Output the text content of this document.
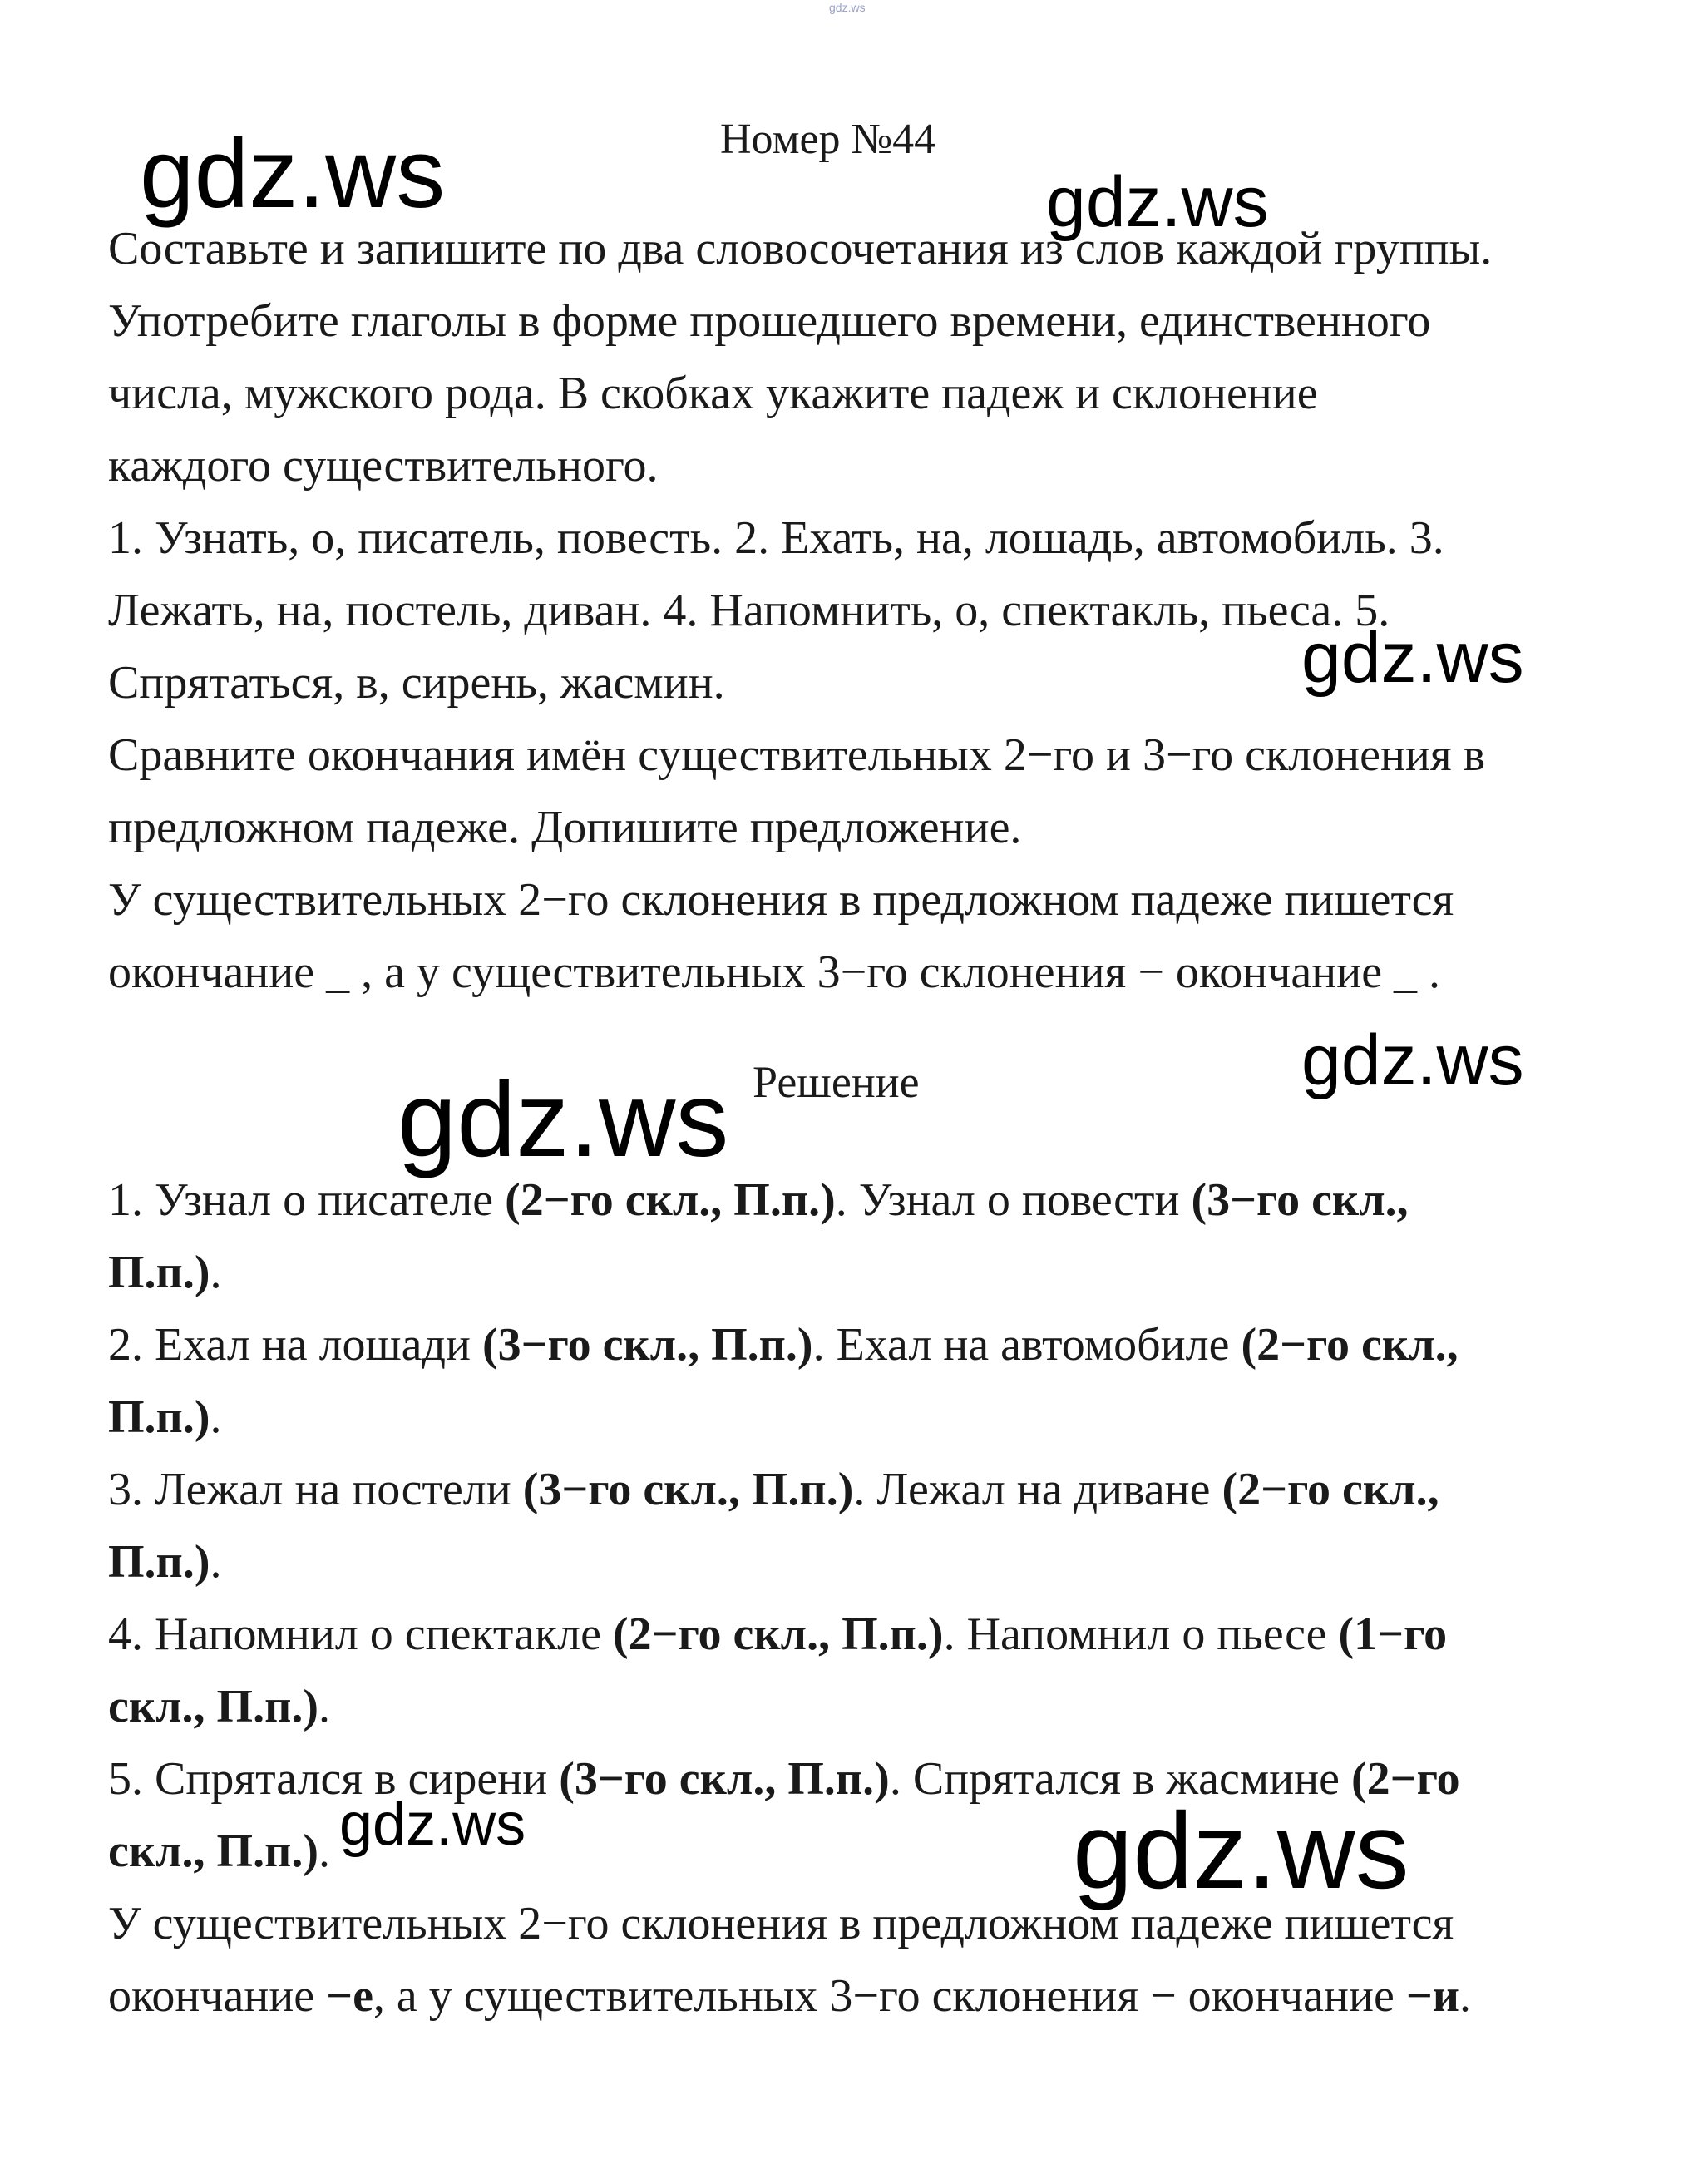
gdz.ws
gdz.ws	gdz.ws
gdz.ws
gdz.ws	gdz.ws
gdz.ws	gdz.ws
Номер №44
Составьте и запишите по два словосочетания из слов каждой группы.
Употребите глаголы в форме прошедшего времени, единственного
числа, мужского рода. В скобках укажите падеж и склонение
каждого существительного.
1. Узнать, о, писатель, повесть. 2. Ехать, на, лошадь, автомобиль. 3.
Лежать, на, постель, диван. 4. Напомнить, о, спектакль, пьеса. 5.
Спрятаться, в, сирень, жасмин.
Сравните окончания имён существительных 2−го и 3−го склонения в
предложном падеже. Допишите предложение.
У существительных 2−го склонения в предложном падеже пишется
окончание _ , а у существительных 3−го склонения − окончание _ .
Решение
1. Узнал о писателе (2−го скл., П.п.). Узнал о повести (3−го скл.,
П.п.).
2. Ехал на лошади (3−го скл., П.п.). Ехал на автомобиле (2−го скл.,
П.п.).
3. Лежал на постели (3−го скл., П.п.). Лежал на диване (2−го скл.,
П.п.).
4. Напомнил о спектакле (2−го скл., П.п.). Напомнил о пьесе (1−го
скл., П.п.).
5. Спрятался в сирени (3−го скл., П.п.). Спрятался в жасмине (2−го
скл., П.п.).
У существительных 2−го склонения в предложном падеже пишется
окончание −е, а у существительных 3−го склонения − окончание −и.
